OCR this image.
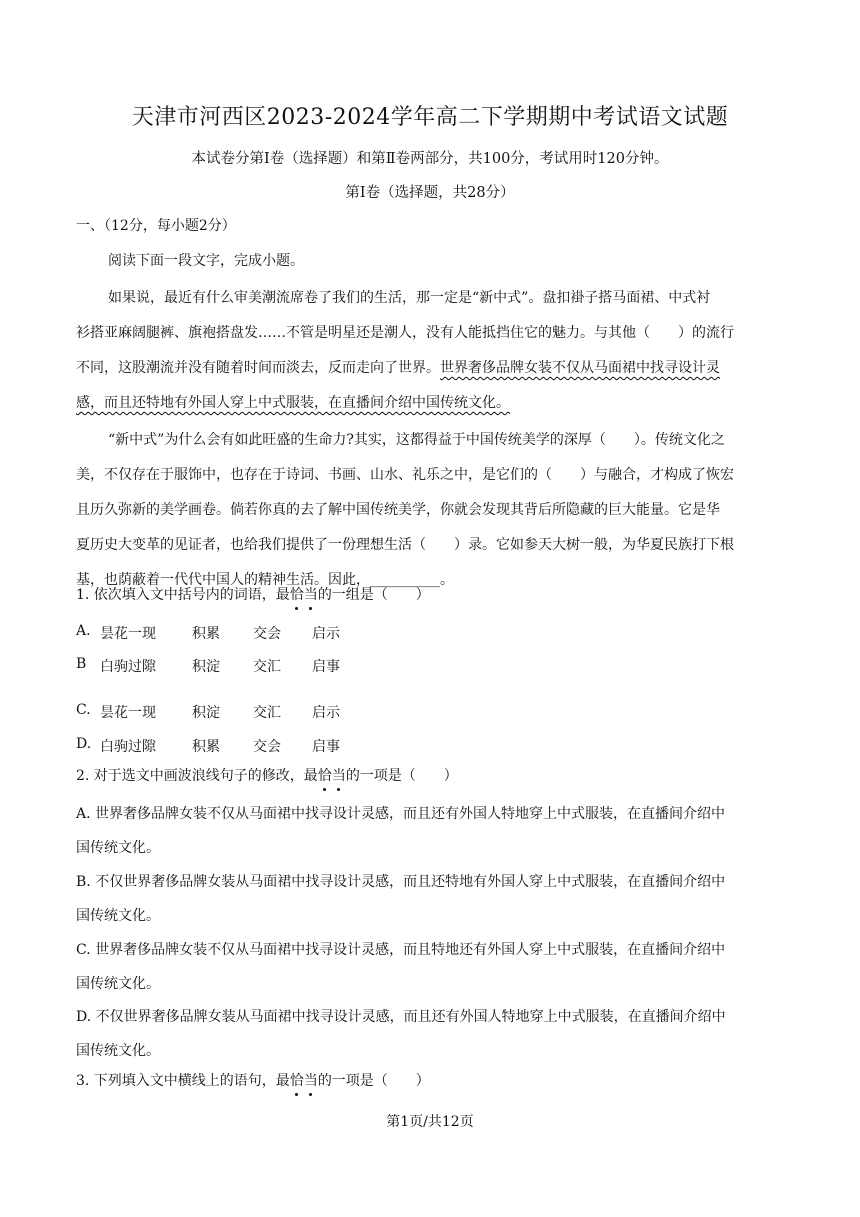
天津市河西区2023-2024学年高二下学期期中考试语文试题
本试卷分第Ⅰ卷（选择题）和第Ⅱ卷两部分，共100分，考试用时120分钟。
第Ⅰ卷（选择题，共28分）
一、（12分，每小题2分）
阅读下面一段文字，完成小题。
如果说，最近有什么审美潮流席卷了我们的生活，那一定是“新中式”。盘扣褂子搭马面裙、中式衬
衫搭亚麻阔腿裤、旗袍搭盘发……不管是明星还是潮人，没有人能抵挡住它的魅力。与其他（　　）的流行
不同，这股潮流并没有随着时间而淡去，反而走向了世界。世界奢侈品牌女装不仅从马面裙中找寻设计灵
感，而且还特地有外国人穿上中式服装，在直播间介绍中国传统文化。
“新中式”为什么会有如此旺盛的生命力?其实，这都得益于中国传统美学的深厚（　　）。传统文化之
美，不仅存在于服饰中，也存在于诗词、书画、山水、礼乐之中，是它们的（　　）与融合，才构成了恢宏
且历久弥新的美学画卷。倘若你真的去了解中国传统美学，你就会发现其背后所隐藏的巨大能量。它是华
夏历史大变革的见证者，也给我们提供了一份理想生活（　　）录。它如参天大树一般，为华夏民族打下根
基，也荫蔽着一代代中国人的精神生活。因此，__________。
1. 依次填入文中括号内的词语，最恰当的一组是（　　）
A. 昙花一现	积累 交会 启示
B 白驹过隙	积淀 交汇 启事
C. 昙花一现	积淀 交汇 启示
D. 白驹过隙	积累 交会 启事
2. 对于选文中画波浪线句子的修改，最恰当的一项是（　　）
A. 世界奢侈品牌女装不仅从马面裙中找寻设计灵感，而且还有外国人特地穿上中式服装，在直播间介绍中
国传统文化。
B. 不仅世界奢侈品牌女装从马面裙中找寻设计灵感，而且还特地有外国人穿上中式服装，在直播间介绍中
国传统文化。
C. 世界奢侈品牌女装不仅从马面裙中找寻设计灵感，而且特地还有外国人穿上中式服装，在直播间介绍中
国传统文化。
D. 不仅世界奢侈品牌女装从马面裙中找寻设计灵感，而且还有外国人特地穿上中式服装，在直播间介绍中
国传统文化。
3. 下列填入文中横线上的语句，最恰当的一项是（　　）
第1页/共12页
